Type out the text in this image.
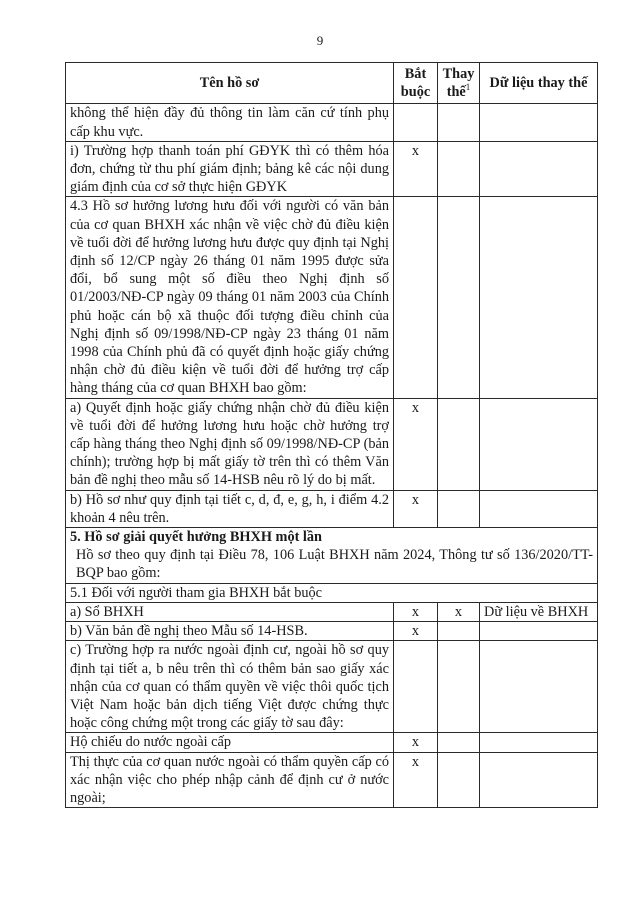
9
Tên hồ sơ	Bắt buộc	Thay thế$^1$	Dữ liệu thay thế
không thể hiện đầy đủ thông tin làm căn cứ tính phụ cấp khu vực.			
i) Trường hợp thanh toán phí GĐYK thì có thêm hóa đơn, chứng từ thu phí giám định; bảng kê các nội dung giám định của cơ sở thực hiện GĐYK	x		
4.3 Hồ sơ hưởng lương hưu đối với người có văn bản của cơ quan BHXH xác nhận về việc chờ đủ điều kiện về tuổi đời để hưởng lương hưu được quy định tại Nghị định số 12/CP ngày 26 tháng 01 năm 1995 được sửa đổi, bổ sung một số điều theo Nghị định số 01/2003/NĐ-CP ngày 09 tháng 01 năm 2003 của Chính phủ hoặc cán bộ xã thuộc đối tượng điều chỉnh của Nghị định số 09/1998/NĐ-CP ngày 23 tháng 01 năm 1998 của Chính phủ đã có quyết định hoặc giấy chứng nhận chờ đủ điều kiện về tuổi đời để hưởng trợ cấp hàng tháng của cơ quan BHXH bao gồm:			
a) Quyết định hoặc giấy chứng nhận chờ đủ điều kiện về tuổi đời để hưởng lương hưu hoặc chờ hưởng trợ cấp hàng tháng theo Nghị định số 09/1998/NĐ-CP (bản chính); trường hợp bị mất giấy tờ trên thì có thêm Văn bản đề nghị theo mẫu số 14-HSB nêu rõ lý do bị mất.	x		
b) Hồ sơ như quy định tại tiết c, d, đ, e, g, h, i điểm 4.2 khoản 4 nêu trên.	x		

5. Hồ sơ giải quyết hưởng BHXH một lần
Hồ sơ theo quy định tại Điều 78, 106 Luật BHXH năm 2024, Thông tư số 136/2020/TT-BQP bao gồm:			

5.1 Đối với người tham gia BHXH bắt buộc			
a) Sổ BHXH	x	x	Dữ liệu về BHXH
b) Văn bản đề nghị theo Mẫu số 14-HSB.	x		
c) Trường hợp ra nước ngoài định cư, ngoài hồ sơ quy định tại tiết a, b nêu trên thì có thêm bản sao giấy xác nhận của cơ quan có thẩm quyền về việc thôi quốc tịch Việt Nam hoặc bản dịch tiếng Việt được chứng thực hoặc công chứng một trong các giấy tờ sau đây:			
Hộ chiếu do nước ngoài cấp	x		
Thị thực của cơ quan nước ngoài có thẩm quyền cấp có xác nhận việc cho phép nhập cảnh để định cư ở nước ngoài;	x		
